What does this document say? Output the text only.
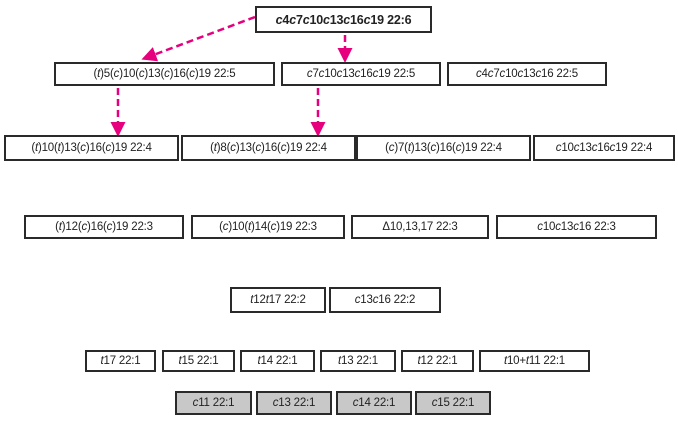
c 4 c 7 c 10 c 13 c 16 c 19 22:6
( t )5( c )10( c )13( c )16( c )19 22:5	c 7 c 10 c 13 c 16 c 19 22:5	c 4 c 7 c 10 c 13 c 16 22:5
( t )10( t )13( c )16( c )19 22:4	( t )8( c )13( c )16( c )19 22:4	( c )7( t )13( c )16( c )19 22:4	c 10 c 13 c 16 c 19 22:4
( t )12( c )16( c )19 22:3	( c )10( t )14( c )19 22:3	Δ10,13,17 22:3	c 10 c 13 c 16 22:3
t 12 t 17 22:2	c 13 c 16 22:2
t 17 22:1	t 15 22:1	t 14 22:1	t 13 22:1	t 12 22:1	t 10+ t 11 22:1
c 11 22:1	c 13 22:1	c 14 22:1	c 15 22:1
